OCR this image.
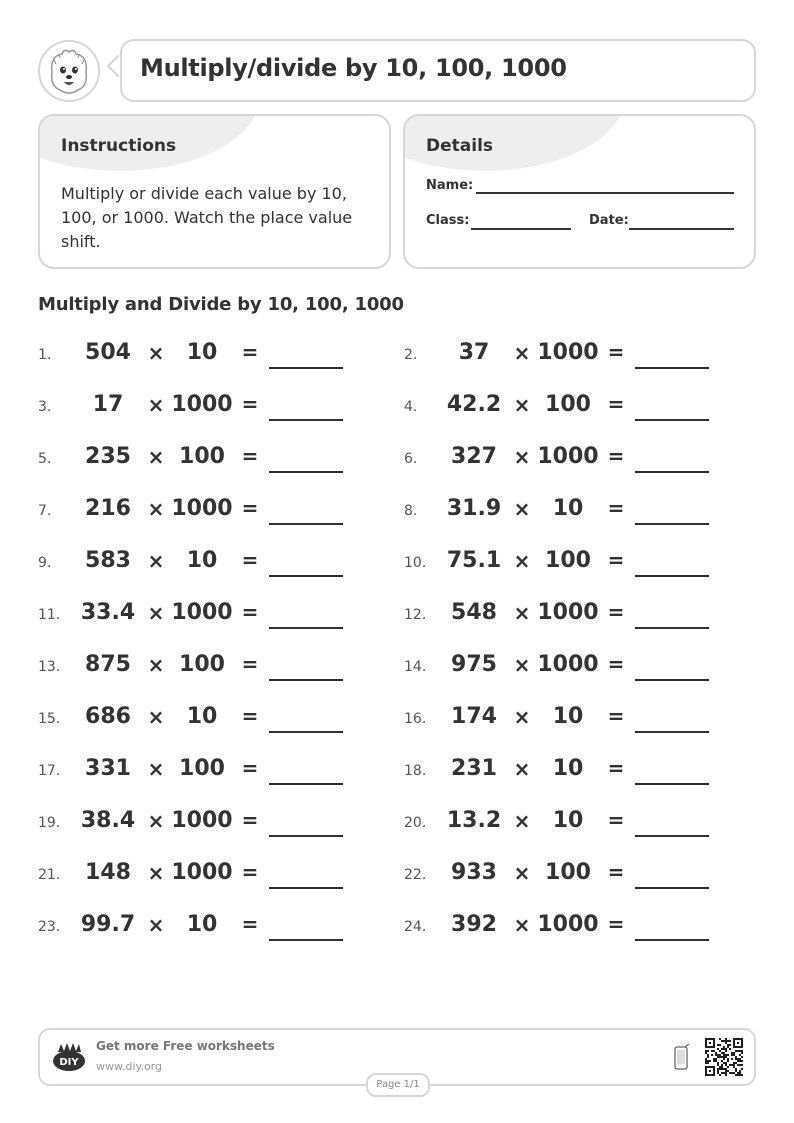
Multiply/divide by 10, 100, 1000
Instructions
Multiply or divide each value by 10, 100, or 1000. Watch the place value shift.
Details
Name:
Class:	Date:
Multiply and Divide by 10, 100, 1000
1.	504 ×	10	=	2.	37	× 1000 =
3.	17	× 1000 =	4. 42.2 × 100 =
5.	235 × 100 =	6.	327 × 1000 =
7.	216 × 1000 =	8. 31.9 ×	10	=
9.	583 ×	10	=	10. 75.1 × 100 =
11. 33.4 × 1000 =	12.	548 × 1000 =
13.	875 × 100 =	14.	975 × 1000 =
15.	686 ×	10	=	16.	174 ×	10	=
17.	331 × 100 =	18.	231 ×	10	=
19. 38.4 × 1000 =	20. 13.2 ×	10	=
21.	148 × 1000 =	22.	933 × 100 =
23. 99.7 ×	10	=	24.	392 × 1000 =
DIY
Get more Free worksheets
www.diy.org
Page 1/1
